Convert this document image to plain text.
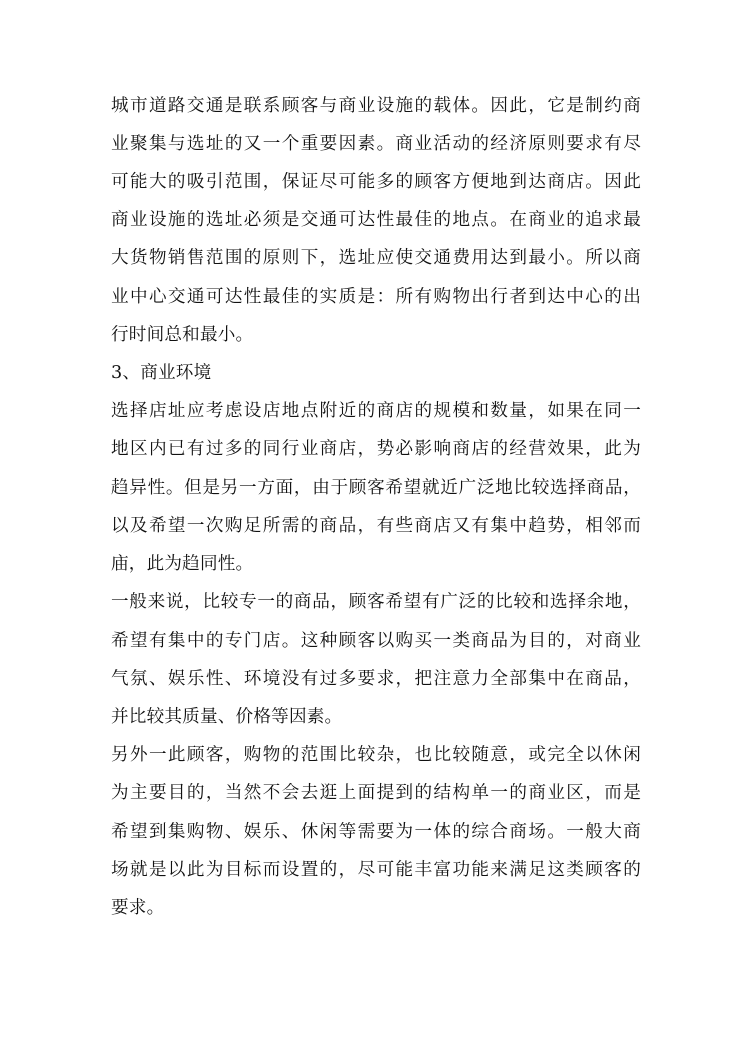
城市道路交通是联系顾客与商业设施的载体。因此，它是制约商
业聚集与选址的又一个重要因素。商业活动的经济原则要求有尽
可能大的吸引范围，保证尽可能多的顾客方便地到达商店。因此
商业设施的选址必须是交通可达性最佳的地点。在商业的追求最
大货物销售范围的原则下，选址应使交通费用达到最小。所以商
业中心交通可达性最佳的实质是：所有购物出行者到达中心的出
行时间总和最小。
3、商业环境
选择店址应考虑设店地点附近的商店的规模和数量，如果在同一
地区内已有过多的同行业商店，势必影响商店的经营效果，此为
趋异性。但是另一方面，由于顾客希望就近广泛地比较选择商品，
以及希望一次购足所需的商品，有些商店又有集中趋势，相邻而
庙，此为趋同性。
一般来说，比较专一的商品，顾客希望有广泛的比较和选择余地，
希望有集中的专门店。这种顾客以购买一类商品为目的，对商业
气氛、娱乐性、环境没有过多要求，把注意力全部集中在商品，
并比较其质量、价格等因素。
另外一此顾客，购物的范围比较杂，也比较随意，或完全以休闲
为主要目的，当然不会去逛上面提到的结构单一的商业区，而是
希望到集购物、娱乐、休闲等需要为一体的综合商场。一般大商
场就是以此为目标而设置的，尽可能丰富功能来满足这类顾客的
要求。
